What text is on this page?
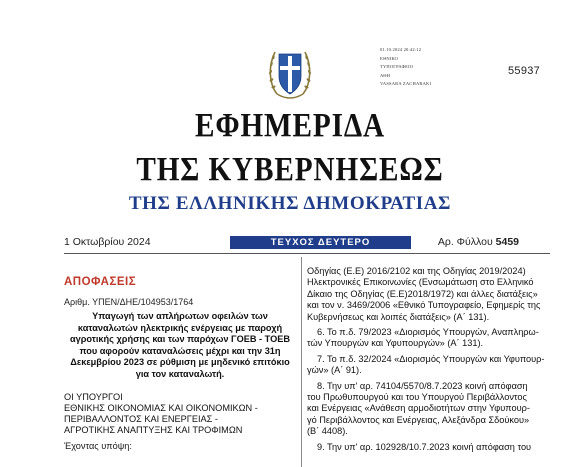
01.10.2024 20:42:12
ΕΘΝΙΚΟ
ΤΥΠΟΓΡΑΦΕΙΟ
ΑΘΗ
VASSARA ZACHARAKI
55937
ΕΦΗΜΕΡΙΔΑ
ΤΗΣ ΚΥΒΕΡΝΗΣΕΩΣ
ΤΗΣ ΕΛΛΗΝΙΚΗΣ ΔΗΜΟΚΡΑΤΙΑΣ
1 Οκτωβρίου 2024	ΤΕΥΧΟΣ ΔΕΥΤΕΡΟ	Αρ. Φύλλου 5459
ΑΠΟΦΑΣΕΙΣ
Αριθμ. ΥΠΕΝ/ΔΗΕ/104953/1764
Υπαγωγή των απλήρωτων οφειλών των καταναλωτών ηλεκτρικής ενέργειας με παροχή αγροτικής χρήσης και των παρόχων ΓΟΕΒ - ΤΟΕΒ που αφορούν καταναλώσεις μέχρι και την 31η Δεκεμβρίου 2023 σε ρύθμιση με μηδενικό επιτόκιο για τον καταναλωτή.
ΟΙ ΥΠΟΥΡΓΟΙ
ΕΘΝΙΚΗΣ ΟΙΚΟΝΟΜΙΑΣ ΚΑΙ ΟΙΚΟΝΟΜΙΚΩΝ -
ΠΕΡΙΒΑΛΛΟΝΤΟΣ ΚΑΙ ΕΝΕΡΓΕΙΑΣ -
ΑΓΡΟΤΙΚΗΣ ΑΝΑΠΤΥΞΗΣ ΚΑΙ ΤΡΟΦΙΜΩΝ
Έχοντας υπόψη:
Οδηγίας (Ε.Ε) 2016/2102 και της Οδηγίας 2019/2024)
Ηλεκτρονικές Επικοινωνίες (Ενσωμάτωση στο Ελληνικό
Δίκαιο της Οδηγίας (Ε.Ε)2018/1972) και άλλες διατάξεις»
και τον ν. 3469/2006 «Εθνικό Τυπογραφείο, Εφημερίς της
Κυβερνήσεως και λοιπές διατάξεις» (Α΄ 131).
6. Το π.δ. 79/2023 «Διορισμός Υπουργών, Αναπληρω-
τών Υπουργών και Υφυπουργών» (Α΄ 131).
7. Το π.δ. 32/2024 «Διορισμός Υπουργών και Υφυπουρ-
γών» (Α΄ 91).
8. Την υπ' αρ. 74104/5570/8.7.2023 κοινή απόφαση
του Πρωθυπουργού και του Υπουργού Περιβάλλοντος
και Ενέργειας «Ανάθεση αρμοδιοτήτων στην Υφυπουρ-
γό Περιβάλλοντος και Ενέργειας, Αλεξάνδρα Σδούκου»
(Β΄ 4408).
9. Την υπ' αρ. 102928/10.7.2023 κοινή απόφαση του
